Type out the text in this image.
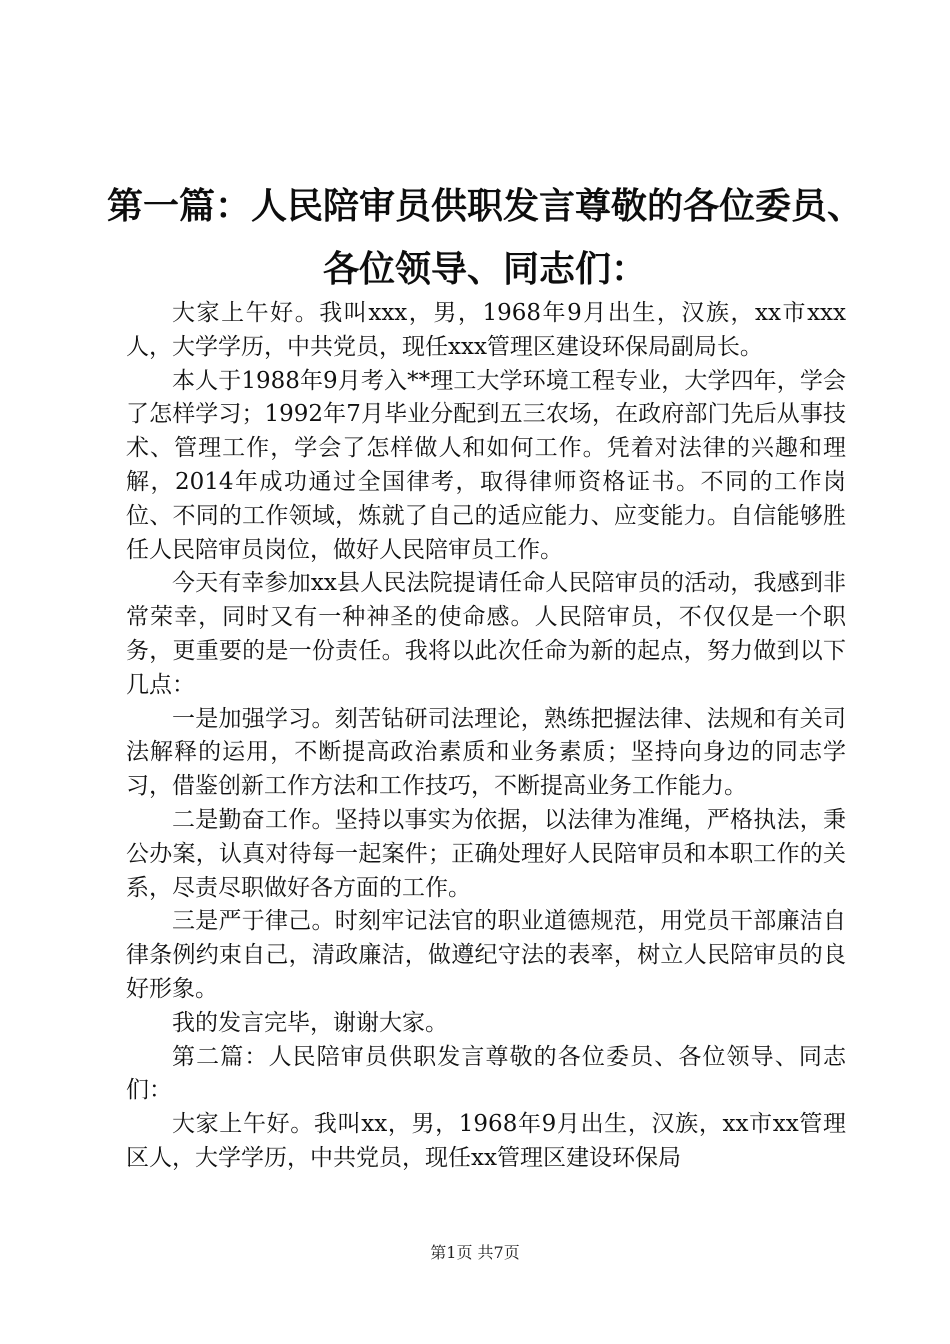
第一篇：人民陪审员供职发言尊敬的各位委员、各位领导、同志们：

大家上午好。我叫xxx，男，1968年9月出生，汉族，xx市xxx人，大学学历，中共党员，现任xxx管理区建设环保局副局长。

本人于1988年9月考入**理工大学环境工程专业，大学四年，学会了怎样学习；1992年7月毕业分配到五三农场，在政府部门先后从事技术、管理工作，学会了怎样做人和如何工作。凭着对法律的兴趣和理解，2014年成功通过全国律考，取得律师资格证书。不同的工作岗位、不同的工作领域，炼就了自己的适应能力、应变能力。自信能够胜任人民陪审员岗位，做好人民陪审员工作。

今天有幸参加xx县人民法院提请任命人民陪审员的活动，我感到非常荣幸，同时又有一种神圣的使命感。人民陪审员，不仅仅是一个职务，更重要的是一份责任。我将以此次任命为新的起点，努力做到以下几点：

一是加强学习。刻苦钻研司法理论，熟练把握法律、法规和有关司法解释的运用，不断提高政治素质和业务素质；坚持向身边的同志学习，借鉴创新工作方法和工作技巧，不断提高业务工作能力。

二是勤奋工作。坚持以事实为依据，以法律为准绳，严格执法，秉公办案，认真对待每一起案件；正确处理好人民陪审员和本职工作的关系，尽责尽职做好各方面的工作。

三是严于律己。时刻牢记法官的职业道德规范，用党员干部廉洁自律条例约束自己，清政廉洁，做遵纪守法的表率，树立人民陪审员的良好形象。

我的发言完毕，谢谢大家。

第二篇：人民陪审员供职发言尊敬的各位委员、各位领导、同志们：

大家上午好。我叫xx，男，1968年9月出生，汉族，xx市xx管理区人，大学学历，中共党员，现任xx管理区建设环保局

第1页 共7页
